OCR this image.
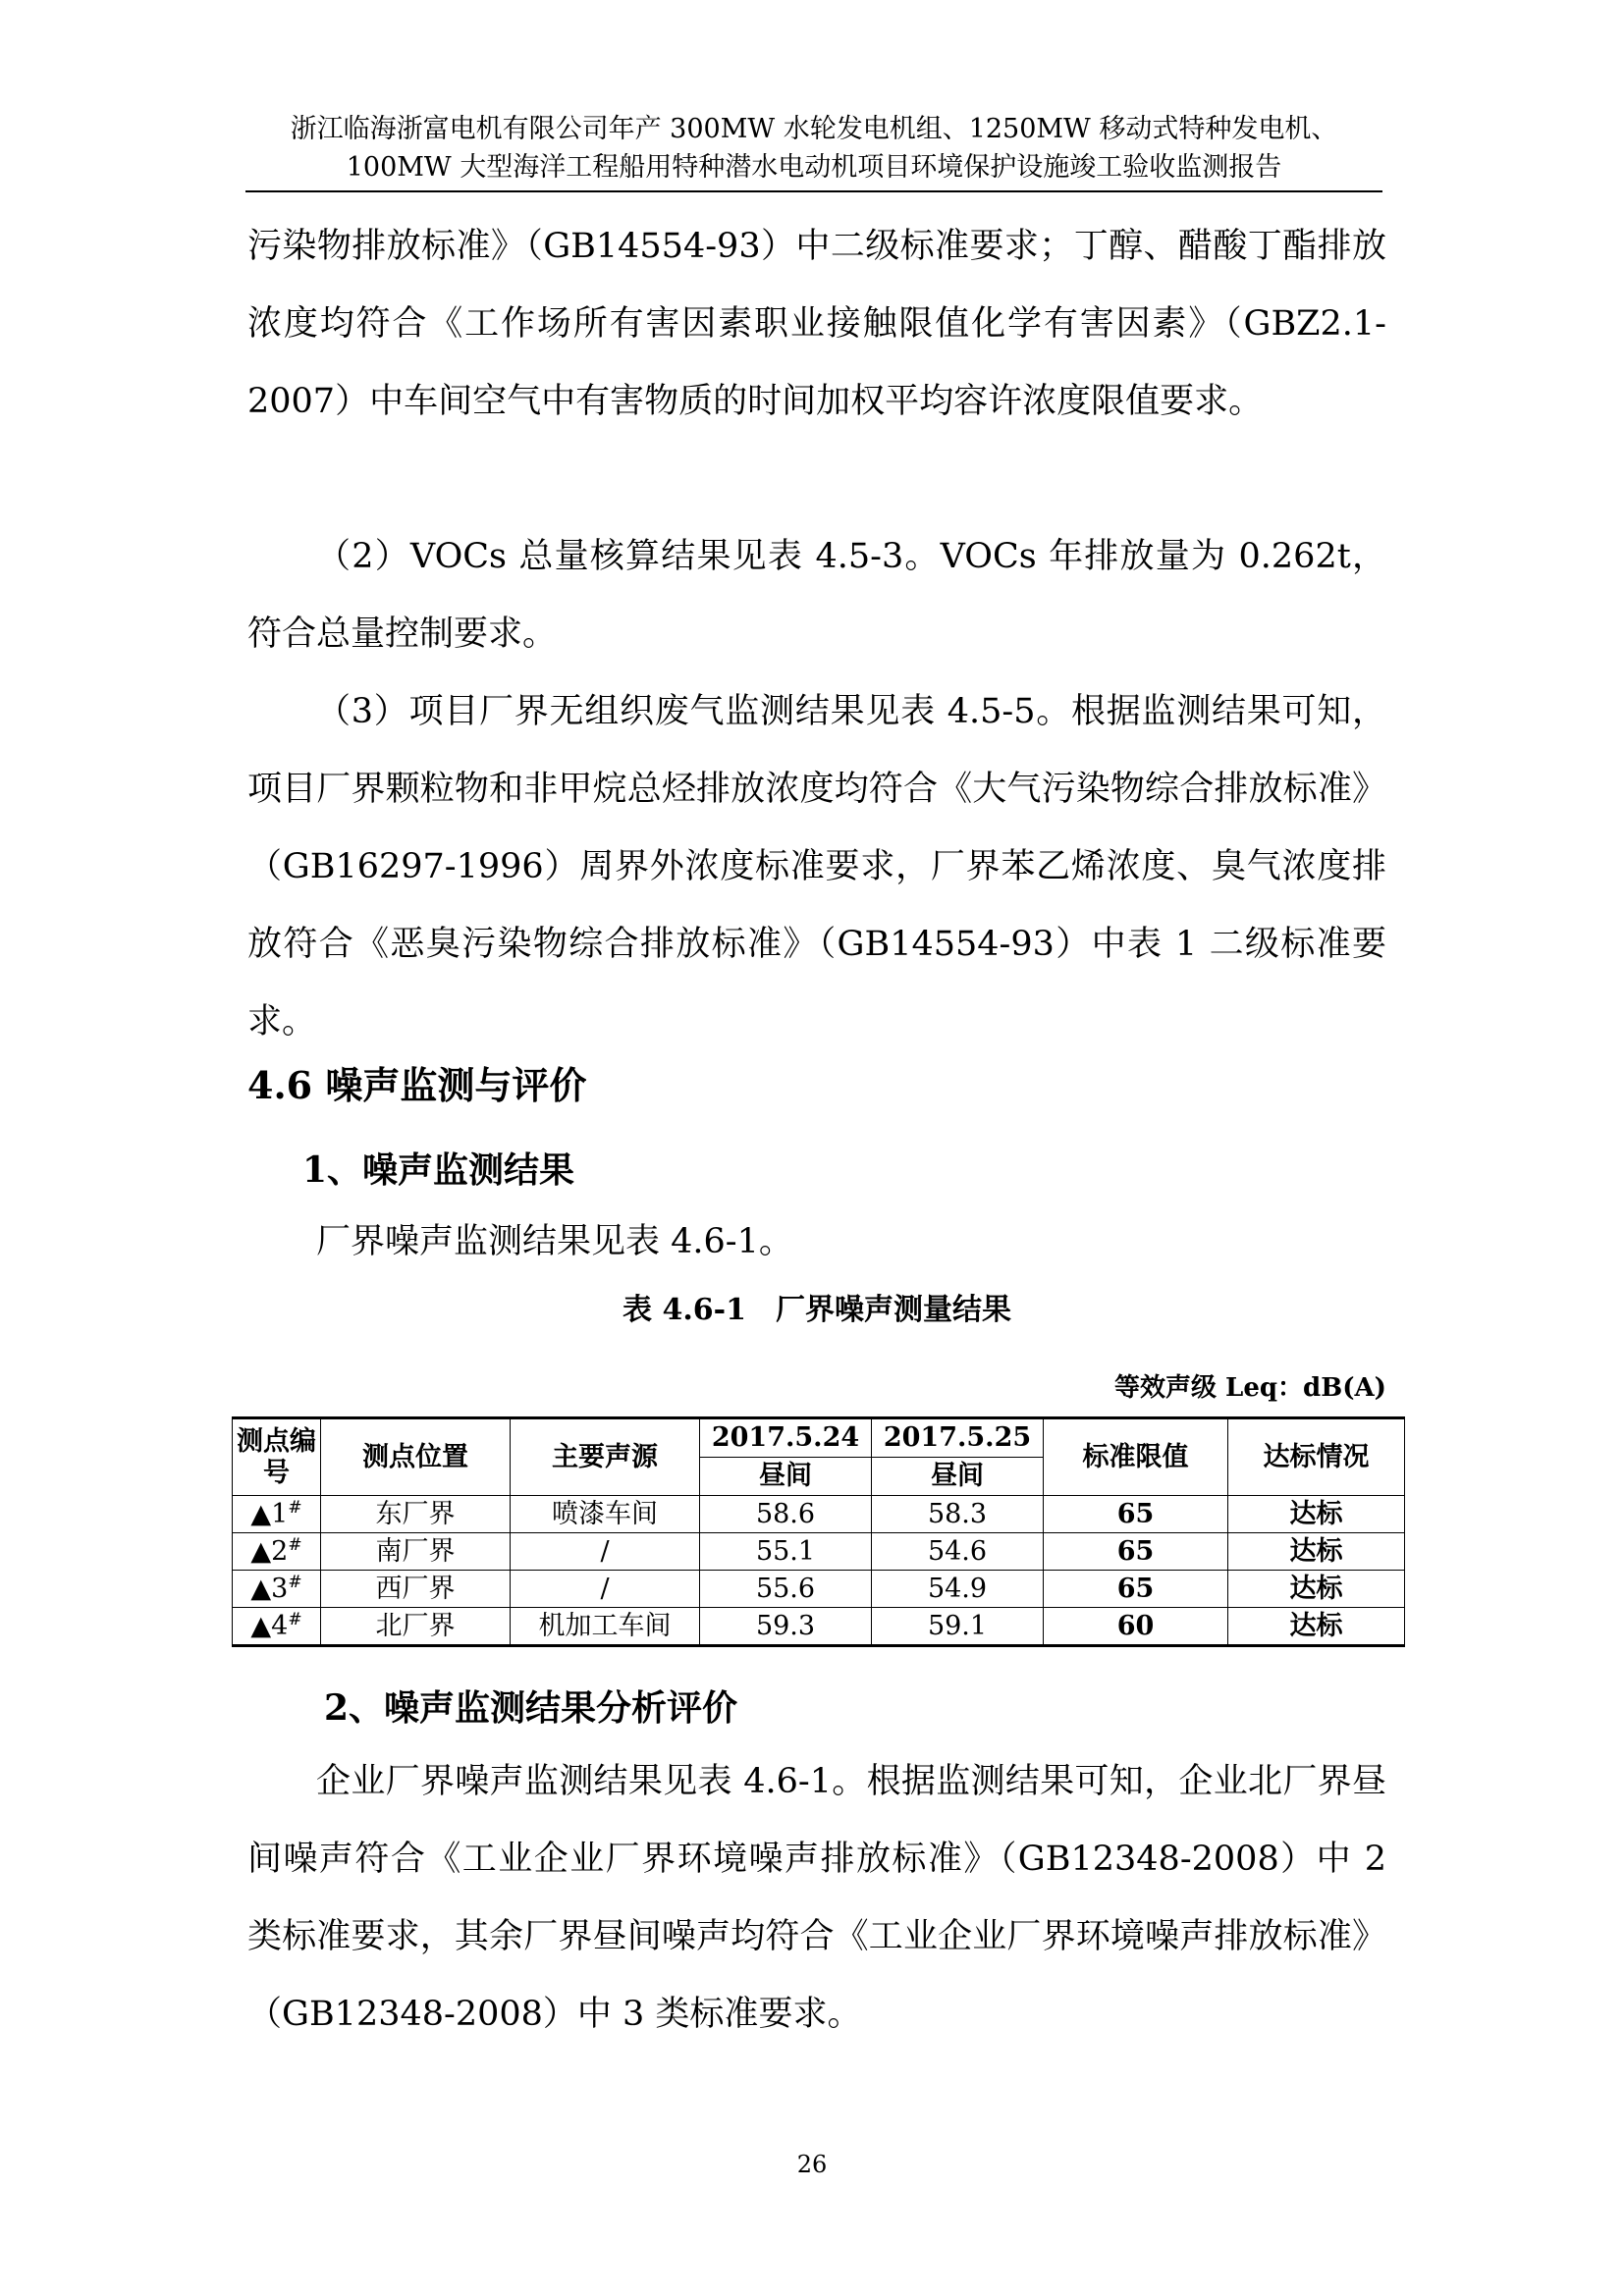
浙江临海浙富电机有限公司年产 300MW 水轮发电机组、1250MW 移动式特种发电机、
100MW 大型海洋工程船用特种潜水电动机项目环境保护设施竣工验收监测报告

污染物排放标准》（GB14554-93）中二级标准要求；丁醇、醋酸丁酯排放浓度均符合《工作场所有害因素职业接触限值化学有害因素》（GBZ2.1-2007）中车间空气中有害物质的时间加权平均容许浓度限值要求。

（2）VOCs 总量核算结果见表 4.5-3。VOCs 年排放量为 0.262t，符合总量控制要求。

（3）项目厂界无组织废气监测结果见表 4.5-5。根据监测结果可知，项目厂界颗粒物和非甲烷总烃排放浓度均符合《大气污染物综合排放标准》（GB16297-1996）周界外浓度标准要求，厂界苯乙烯浓度、臭气浓度排放符合《恶臭污染物综合排放标准》（GB14554-93）中表 1 二级标准要求。

4.6 噪声监测与评价
1、噪声监测结果

厂界噪声监测结果见表 4.6-1。

表 4.6-1　厂界噪声测量结果
等效声级 Leq：dB(A)
测点编号	测点位置	主要声源	2017.5.24	2017.5.25	标准限值	达标情况
			昼间	昼间		
▲1#	东厂界	喷漆车间	58.6	58.3	65	达标
▲2#	南厂界	/	55.1	54.6	65	达标
▲3#	西厂界	/	55.6	54.9	65	达标
▲4#	北厂界	机加工车间	59.3	59.1	60	达标
2、噪声监测结果分析评价

企业厂界噪声监测结果见表 4.6-1。根据监测结果可知，企业北厂界昼间噪声符合《工业企业厂界环境噪声排放标准》（GB12348-2008）中 2 类标准要求，其余厂界昼间噪声均符合《工业企业厂界环境噪声排放标准》（GB12348-2008）中 3 类标准要求。

26
